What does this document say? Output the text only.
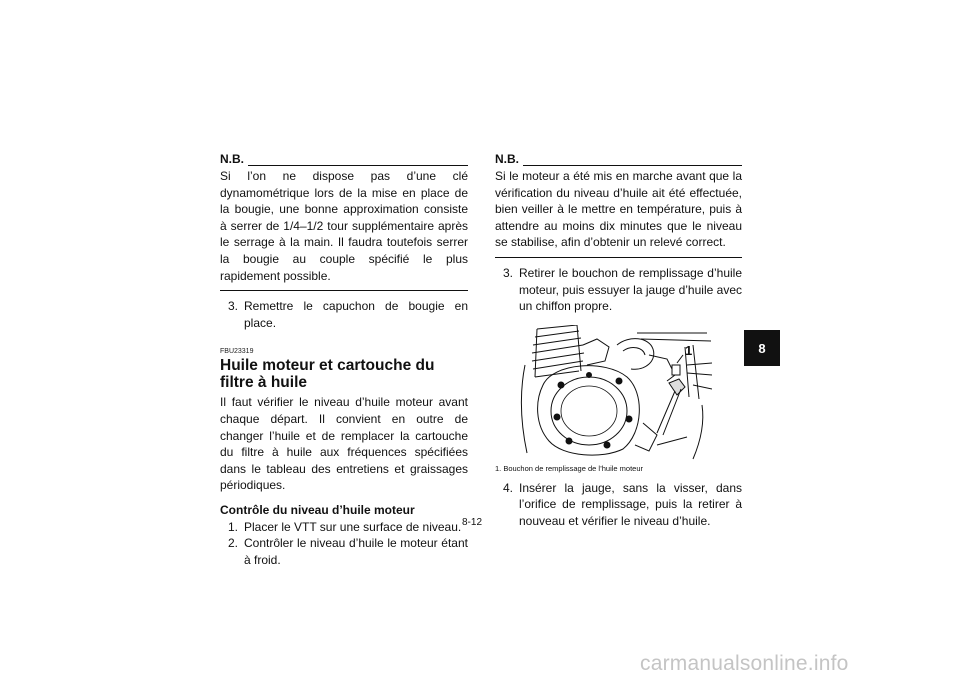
N.B.
Si l’on ne dispose pas d’une clé dynamométrique lors de la mise en place de la bougie, une bonne approximation consiste à serrer de 1/4–1/2 tour supplémentaire après le serrage à la main. Il faudra toutefois serrer la bougie au couple spécifié le plus rapidement possible.
3. Remettre le capuchon de bougie en place.
FBU23319
Huile moteur et cartouche du filtre à huile
Il faut vérifier le niveau d’huile moteur avant chaque départ. Il convient en outre de changer l’huile et de remplacer la cartouche du filtre à huile aux fréquences spécifiées dans le tableau des entretiens et graissages périodiques.
Contrôle du niveau d’huile moteur
1. Placer le VTT sur une surface de niveau.
2. Contrôler le niveau d’huile le moteur étant à froid.
N.B.
Si le moteur a été mis en marche avant que la vérification du niveau d’huile ait été effectuée, bien veiller à le mettre en température, puis à attendre au moins dix minutes que le niveau se stabilise, afin d’obtenir un relevé correct.
3. Retirer le bouchon de remplissage d’huile moteur, puis essuyer la jauge d’huile avec un chiffon propre.
1
1. Bouchon de remplissage de l’huile moteur
4. Insérer la jauge, sans la visser, dans l’orifice de remplissage, puis la retirer à nouveau et vérifier le niveau d’huile.
8-12
8
carmanualsonline.info
